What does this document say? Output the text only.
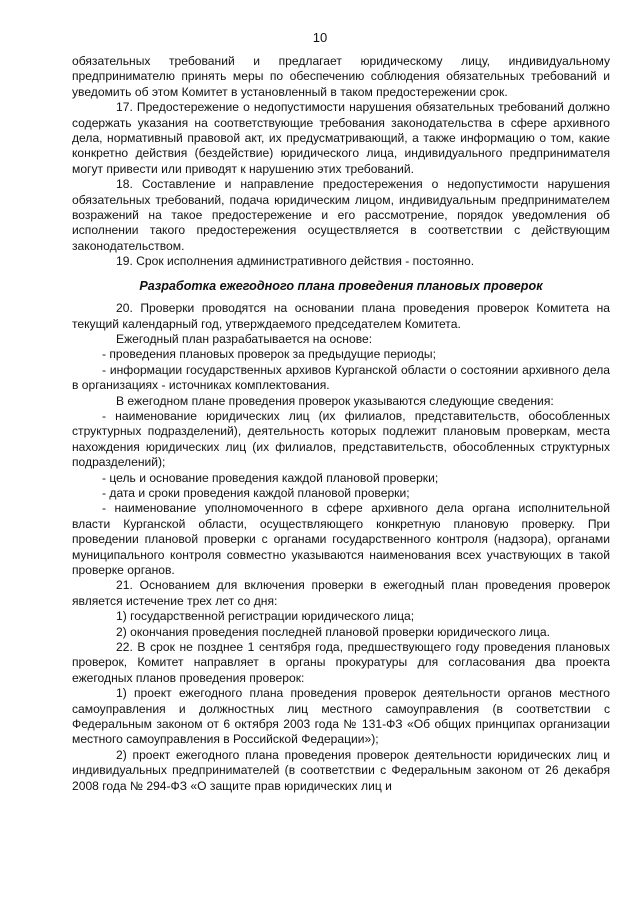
10

обязательных требований и предлагает юридическому лицу, индивидуальному предпринимателю принять меры по обеспечению соблюдения обязательных требований и уведомить об этом Комитет в установленный в таком предостережении срок.

17. Предостережение о недопустимости нарушения обязательных требований должно содержать указания на соответствующие требования законодательства в сфере архивного дела, нормативный правовой акт, их предусматривающий, а также информацию о том, какие конкретно действия (бездействие) юридического лица, индивидуального предпринимателя могут привести или приводят к нарушению этих требований.

18. Составление и направление предостережения о недопустимости нарушения обязательных требований, подача юридическим лицом, индивидуальным предпринимателем возражений на такое предостережение и его рассмотрение, порядок уведомления об исполнении такого предостережения осуществляется в соответствии с действующим законодательством.

19. Срок исполнения административного действия - постоянно.

Разработка ежегодного плана проведения плановых проверок

20. Проверки проводятся на основании плана проведения проверок Комитета на текущий календарный год, утверждаемого председателем Комитета.

Ежегодный план разрабатывается на основе:

- проведения плановых проверок за предыдущие периоды;

- информации государственных архивов Курганской области о состоянии архивного дела в организациях - источниках комплектования.

В ежегодном плане проведения проверок указываются следующие сведения:

- наименование юридических лиц (их филиалов, представительств, обособленных структурных подразделений), деятельность которых подлежит плановым проверкам, места нахождения юридических лиц (их филиалов, представительств, обособленных структурных подразделений);

- цель и основание проведения каждой плановой проверки;

- дата и сроки проведения каждой плановой проверки;

- наименование уполномоченного в сфере архивного дела органа исполнительной власти Курганской области, осуществляющего конкретную плановую проверку. При проведении плановой проверки с органами государственного контроля (надзора), органами муниципального контроля совместно указываются наименования всех участвующих в такой проверке органов.

21. Основанием для включения проверки в ежегодный план проведения проверок является истечение трех лет со дня:

1) государственной регистрации юридического лица;

2) окончания проведения последней плановой проверки юридического лица.

22. В срок не позднее 1 сентября года, предшествующего году проведения плановых проверок, Комитет направляет в органы прокуратуры для согласования два проекта ежегодных планов проведения проверок:

1) проект ежегодного плана проведения проверок деятельности органов местного самоуправления и должностных лиц местного самоуправления (в соответствии с Федеральным законом от 6 октября 2003 года № 131-ФЗ «Об общих принципах организации местного самоуправления в Российской Федерации»);

2) проект ежегодного плана проведения проверок деятельности юридических лиц и индивидуальных предпринимателей (в соответствии с Федеральным законом от 26 декабря 2008 года № 294-ФЗ «О защите прав юридических лиц и
